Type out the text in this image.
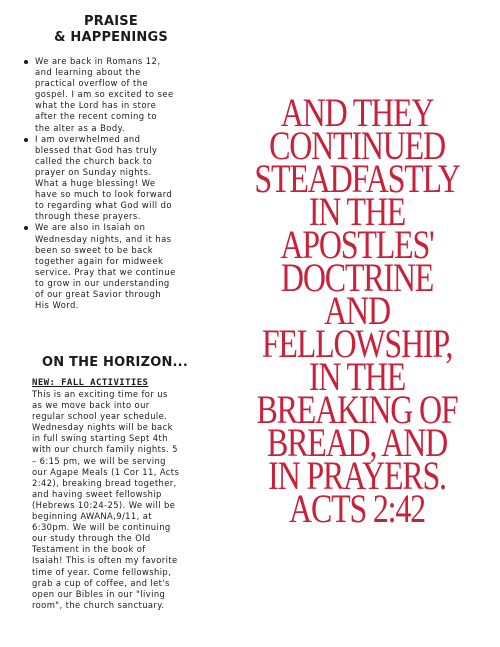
PRAISE
& HAPPENINGS
We are back in Romans 12,
and learning about the
practical overflow of the
gospel. I am so excited to see
what the Lord has in store
after the recent coming to
the alter as a Body.
I am overwhelmed and
blessed that God has truly
called the church back to
prayer on Sunday nights.
What a huge blessing! We
have so much to look forward
to regarding what God will do
through these prayers.
We are also in Isaiah on
Wednesday nights, and it has
been so sweet to be back
together again for midweek
service. Pray that we continue
to grow in our understanding
of our great Savior through
His Word.
ON THE HORIZON...
NEW: FALL ACTIVITIES

This is an exciting time for us
as we move back into our
regular school year schedule.
Wednesday nights will be back
in full swing starting Sept 4th
with our church family nights. 5
– 6:15 pm, we will be serving
our Agape Meals (1 Cor 11, Acts
2:42), breaking bread together,
and having sweet fellowship
(Hebrews 10:24-25). We will be
beginning AWANA,9/11, at
6:30pm. We will be continuing
our study through the Old
Testament in the book of
Isaiah! This is often my favorite
time of year. Come fellowship,
grab a cup of coffee, and let's
open our Bibles in our "living
room", the church sanctuary.

AND THEY
CONTINUED
STEADFASTLY
IN THE
APOSTLES'
DOCTRINE
AND
FELLOWSHIP,
IN THE
BREAKING OF
BREAD, AND
IN PRAYERS.
ACTS 2:42
